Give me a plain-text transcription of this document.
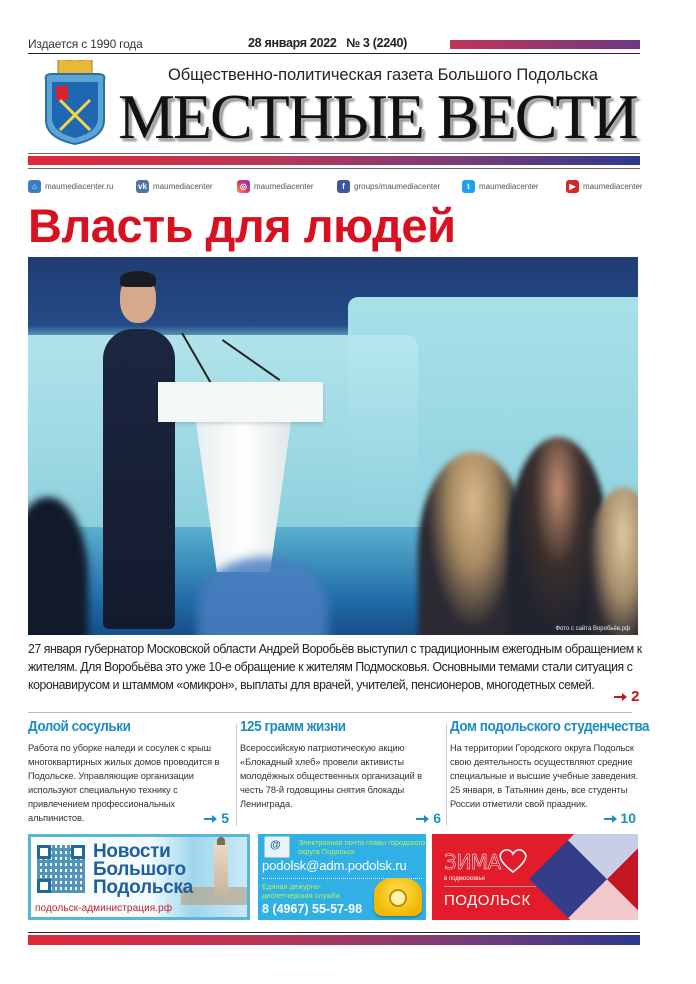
Издается с 1990 года	28 января 2022 № 3 (2240)
Общественно-политическая газета Большого Подольска
МЕСТНЫЕ ВЕСТИ
⌂	maumediacenter.ru	vk maumediacenter	◎ maumediacenter	f	groups/maumediacenter	t	maumediacenter	▶ maumediacenter
Власть для людей
Фото с сайта Воробьёв.рф
27 января губернатор Московской области Андрей Воробьёв выступил с традиционным ежегодным обращением к жителям. Для Воробьёва это уже 10-е обращение к жителям Подмосковья. Основными темами стали ситуация с коронавирусом и штаммом «омикрон», выплаты для врачей, учителей, пенсионеров, многодетных семей.
2
Долой сосульки
Работа по уборке наледи и сосулек с крыш многоквартирных жилых домов проводится в Подольске. Управляющие организации используют специальную технику с привлечением профессиональных альпинистов.	5
125 грамм жизни
Всероссийскую патриотическую акцию «Блокадный хлеб» провели активисты молодёжных общественных организаций в честь 78-й годовщины снятия блокады Ленинграда.
6
Дом подольского студенчества
На территории Городского округа Подольск свою деятельность осуществляют средние специальные и высшие учебные заведения. 25 января, в Татьянин день, все студенты России отметили свой праздник.
10
Новости
Большого
Подольска
подольск-администрация.рф
@ Электронная почта главы городского округа Подольск
podolsk@adm.podolsk.ru
Единая дежурно-диспетчерская служба
8 (4967) 55-57-98
ЗИМА
в подмосковье
ПОДОЛЬСК
